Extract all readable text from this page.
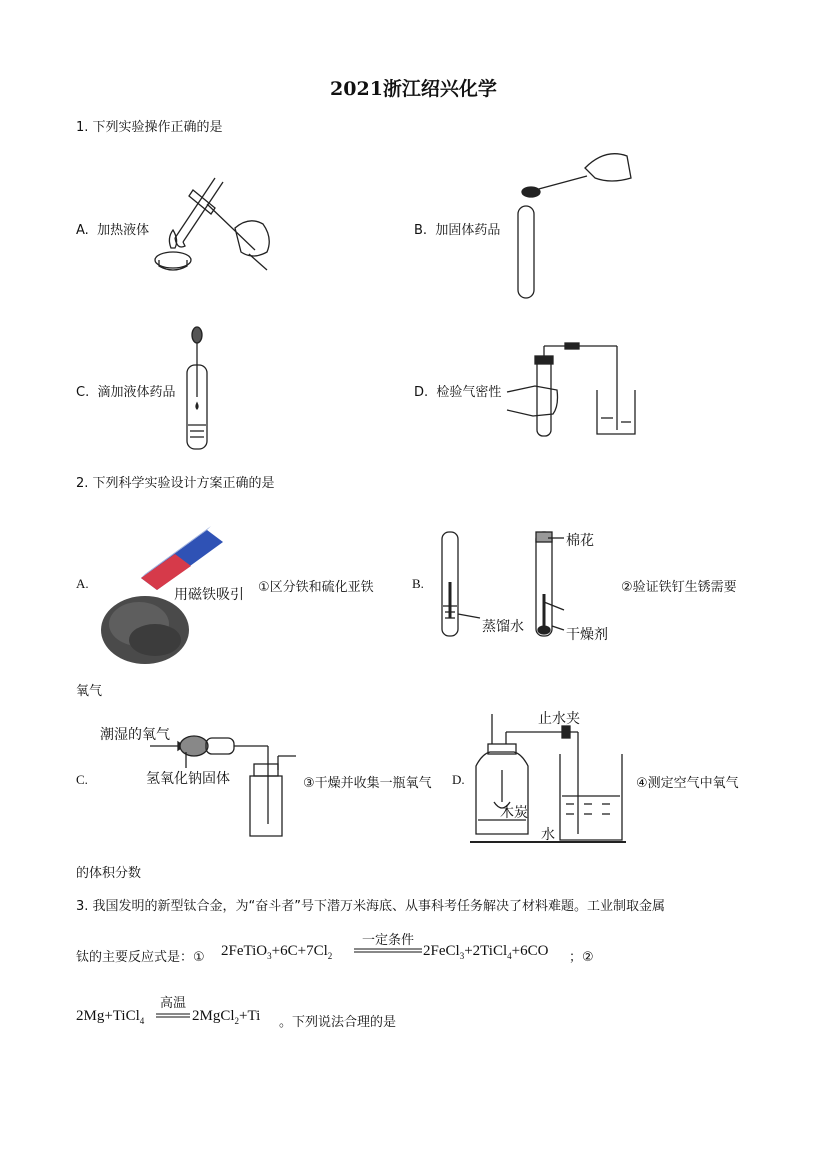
2021浙江绍兴化学
1. 下列实验操作正确的是
A. 加热液体	B. 加固体药品
C. 滴加液体药品	D. 检验气密性
2. 下列科学实验设计方案正确的是
A.
用磁铁吸引 ①区分铁和硫化亚铁	B.
棉花
蒸馏水	干燥剂
②验证铁钉生锈需要
氧气
C.
潮湿的氧气
氢氧化钠固体	③干燥并收集一瓶氧气 D.
止水夹
木炭
水
④测定空气中氧气
的体积分数
3. 我国发明的新型钛合金，为“奋斗者”号下潜万米海底、从事科考任务解决了材料难题。工业制取金属
钛的主要反应式是：① $2FeTiO_3+6C+7Cl_2$
一定条件
2FeCl$_3$+2TiCl$_4$+6CO ；②
2Mg+TiCl$_4$
高温
2MgCl$_2$+Ti 。下列说法合理的是
